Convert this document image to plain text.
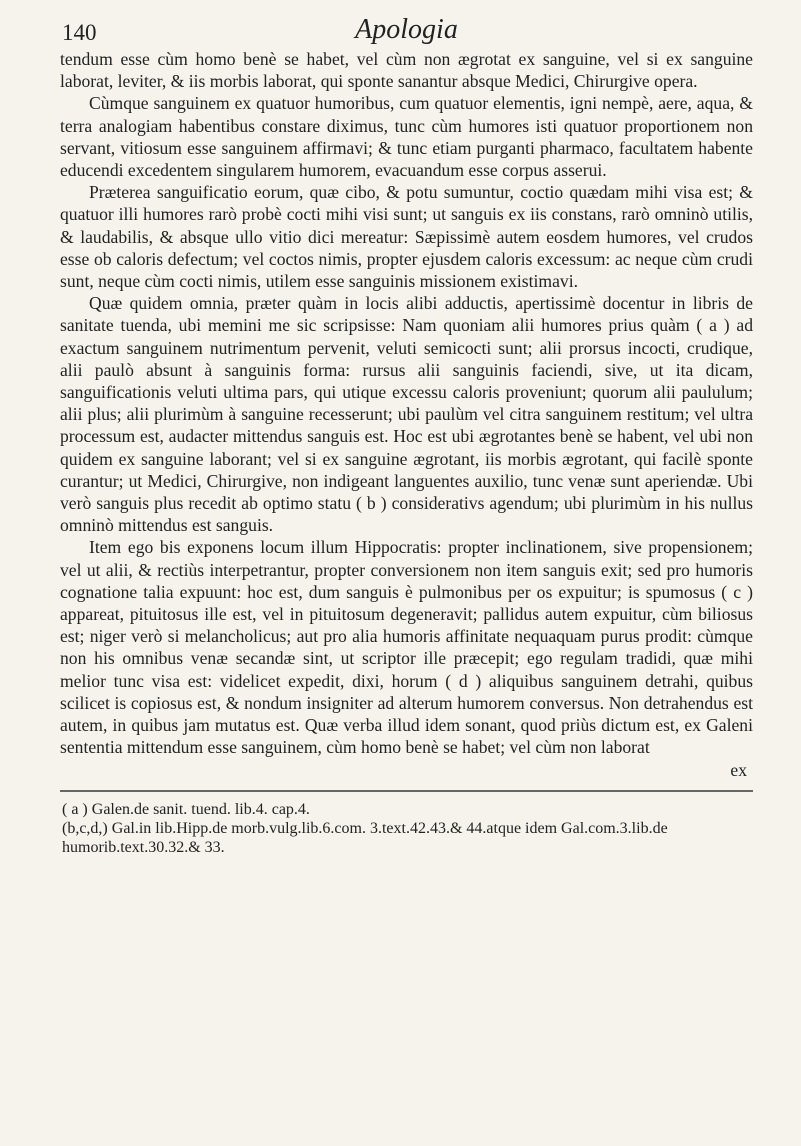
140	Apologia

tendum esse cùm homo benè se habet, vel cùm non ægrotat ex sanguine, vel si ex sanguine laborat, leviter, & iis morbis laborat, qui sponte sanantur absque Medici, Chirurgive opera.

Cùmque sanguinem ex quatuor humoribus, cum quatuor elementis, igni nempè, aere, aqua, & terra analogiam habentibus constare diximus, tunc cùm humores isti quatuor proportionem non servant, vitiosum esse sanguinem affirmavi; & tunc etiam purganti pharmaco, facultatem habente educendi excedentem singularem humorem, evacuandum esse corpus asserui.

Præterea sanguificatio eorum, quæ cibo, & potu sumuntur, coctio quædam mihi visa est; & quatuor illi humores rarò probè cocti mihi visi sunt; ut sanguis ex iis constans, rarò omninò utilis, & laudabilis, & absque ullo vitio dici mereatur: Sæpissimè autem eosdem humores, vel crudos esse ob caloris defectum; vel coctos nimis, propter ejusdem caloris excessum: ac neque cùm crudi sunt, neque cùm cocti nimis, utilem esse sanguinis missionem existimavi.

Quæ quidem omnia, præter quàm in locis alibi adductis, apertissimè docentur in libris de sanitate tuenda, ubi memini me sic scripsisse: Nam quoniam alii humores prius quàm ( a ) ad exactum sanguinem nutrimentum pervenit, veluti semicocti sunt; alii prorsus incocti, crudique, alii paulò absunt à sanguinis forma: rursus alii sanguinis faciendi, sive, ut ita dicam, sanguificationis veluti ultima pars, qui utique excessu caloris proveniunt; quorum alii paululum; alii plus; alii plurimùm à sanguine recesserunt; ubi paulùm vel citra sanguinem restitum; vel ultra processum est, audacter mittendus sanguis est. Hoc est ubi ægrotantes benè se habent, vel ubi non quidem ex sanguine laborant; vel si ex sanguine ægrotant, iis morbis ægrotant, qui facilè sponte curantur; ut Medici, Chirurgive, non indigeant languentes auxilio, tunc venæ sunt aperiendæ. Ubi verò sanguis plus recedit ab optimo statu ( b ) considerativs agendum; ubi plurimùm in his nullus omninò mittendus est sanguis.

Item ego bis exponens locum illum Hippocratis: propter inclinationem, sive propensionem; vel ut alii, & rectiùs interpetrantur, propter conversionem non item sanguis exit; sed pro humoris cognatione talia expuunt: hoc est, dum sanguis è pulmonibus per os expuitur; is spumosus ( c ) appareat, pituitosus ille est, vel in pituitosum degeneravit; pallidus autem expuitur, cùm biliosus est; niger verò si melancholicus; aut pro alia humoris affinitate nequaquam purus prodit: cùmque non his omnibus venæ secandæ sint, ut scriptor ille præcepit; ego regulam tradidi, quæ mihi melior tunc visa est: videlicet expedit, dixi, horum ( d ) aliquibus sanguinem detrahi, quibus scilicet is copiosus est, & nondum insigniter ad alterum humorem conversus. Non detrahendus est autem, in quibus jam mutatus est. Quæ verba illud idem sonant, quod priùs dictum est, ex Galeni sententia mittendum esse sanguinem, cùm homo benè se habet; vel cùm non laborat

ex

( a ) Galen.de sanit. tuend. lib.4. cap.4.

(b,c,d,) Gal.in lib.Hipp.de morb.vulg.lib.6.com. 3.text.42.43.& 44.atque idem Gal.com.3.lib.de humorib.text.30.32.& 33.
